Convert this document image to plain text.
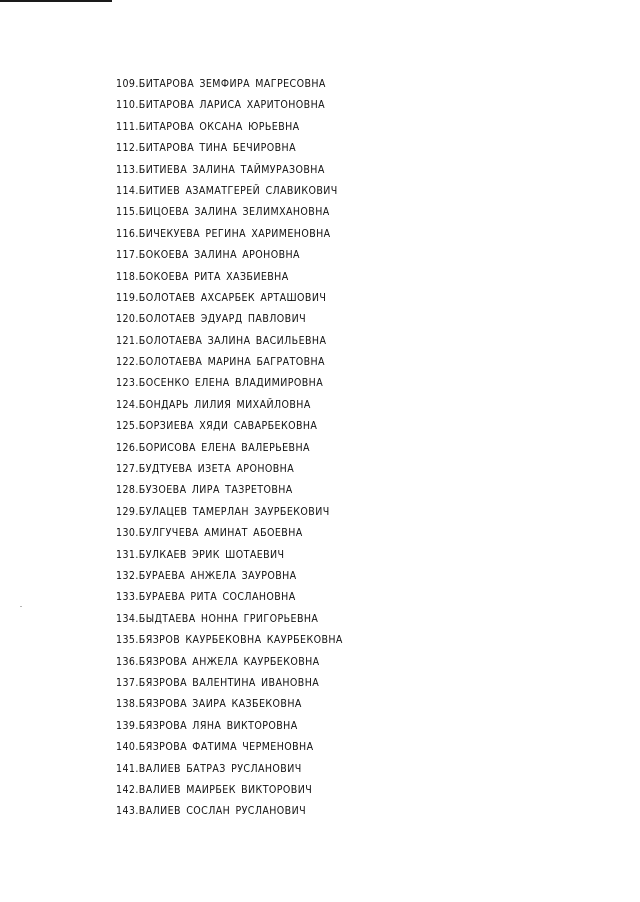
109.БИТАРОВА ЗЕМФИРА МАГРЕСОВНА
110.БИТАРОВА ЛАРИСА ХАРИТОНОВНА
111.БИТАРОВА ОКСАНА ЮРЬЕВНА
112.БИТАРОВА ТИНА БЕЧИРОВНА
113.БИТИЕВА ЗАЛИНА ТАЙМУРАЗОВНА
114.БИТИЕВ АЗАМАТГЕРЕЙ СЛАВИКОВИЧ
115.БИЦОЕВА ЗАЛИНА ЗЕЛИМХАНОВНА
116.БИЧЕКУЕВА РЕГИНА ХАРИМЕНОВНА
117.БОКОЕВА ЗАЛИНА АРОНОВНА
118.БОКОЕВА РИТА ХАЗБИЕВНА
119.БОЛОТАЕВ АХСАРБЕК АРТАШОВИЧ
120.БОЛОТАЕВ ЭДУАРД ПАВЛОВИЧ
121.БОЛОТАЕВА ЗАЛИНА ВАСИЛЬЕВНА
122.БОЛОТАЕВА МАРИНА БАГРАТОВНА
123.БОСЕНКО ЕЛЕНА ВЛАДИМИРОВНА
124.БОНДАРЬ ЛИЛИЯ МИХАЙЛОВНА
125.БОРЗИЕВА ХЯДИ САВАРБЕКОВНА
126.БОРИСОВА ЕЛЕНА ВАЛЕРЬЕВНА
127.БУДТУЕВА ИЗЕТА АРОНОВНА
128.БУЗОЕВА ЛИРА ТАЗРЕТОВНА
129.БУЛАЦЕВ ТАМЕРЛАН ЗАУРБЕКОВИЧ
130.БУЛГУЧЕВА АМИНАТ АБОЕВНА
131.БУЛКАЕВ ЭРИК ШОТАЕВИЧ
132.БУРАЕВА АНЖЕЛА ЗАУРОВНА
133.БУРАЕВА РИТА СОСЛАНОВНА
134.БЫДТАЕВА НОННА ГРИГОРЬЕВНА
135.БЯЗРОВ КАУРБЕКОВНА КАУРБЕКОВНА
136.БЯЗРОВА АНЖЕЛА КАУРБЕКОВНА
137.БЯЗРОВА ВАЛЕНТИНА ИВАНОВНА
138.БЯЗРОВА ЗАИРА КАЗБЕКОВНА
139.БЯЗРОВА ЛЯНА ВИКТОРОВНА
140.БЯЗРОВА ФАТИМА ЧЕРМЕНОВНА
141.ВАЛИЕВ БАТРАЗ РУСЛАНОВИЧ
142.ВАЛИЕВ МАИРБЕК ВИКТОРОВИЧ
143.ВАЛИЕВ СОСЛАН РУСЛАНОВИЧ
